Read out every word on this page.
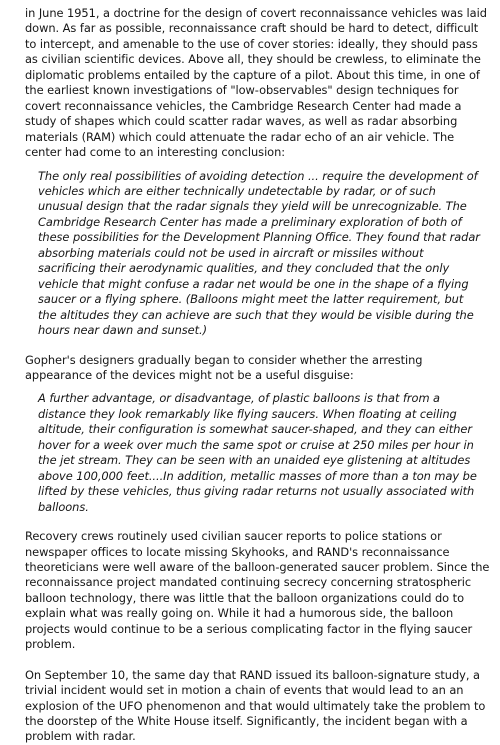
in June 1951, a doctrine for the design of covert reconnaissance vehicles was laid down. As far as possible, reconnaissance craft should be hard to detect, difficult to intercept, and amenable to the use of cover stories: ideally, they should pass as civilian scientific devices. Above all, they should be crewless, to eliminate the diplomatic problems entailed by the capture of a pilot. About this time, in one of the earliest known investigations of "low-observables" design techniques for covert reconnaissance vehicles, the Cambridge Research Center had made a study of shapes which could scatter radar waves, as well as radar absorbing materials (RAM) which could attenuate the radar echo of an air vehicle. The center had come to an interesting conclusion:

The only real possibilities of avoiding detection ... require the development of vehicles which are either technically undetectable by radar, or of such unusual design that the radar signals they yield will be unrecognizable. The Cambridge Research Center has made a preliminary exploration of both of these possibilities for the Development Planning Office. They found that radar absorbing materials could not be used in aircraft or missiles without sacrificing their aerodynamic qualities, and they concluded that the only vehicle that might confuse a radar net would be one in the shape of a flying saucer or a flying sphere. (Balloons might meet the latter requirement, but the altitudes they can achieve are such that they would be visible during the hours near dawn and sunset.)

Gopher's designers gradually began to consider whether the arresting appearance of the devices might not be a useful disguise:

A further advantage, or disadvantage, of plastic balloons is that from a distance they look remarkably like flying saucers. When floating at ceiling altitude, their configuration is somewhat saucer-shaped, and they can either hover for a week over much the same spot or cruise at 250 miles per hour in the jet stream. They can be seen with an unaided eye glistening at altitudes above 100,000 feet....In addition, metallic masses of more than a ton may be lifted by these vehicles, thus giving radar returns not usually associated with balloons.

Recovery crews routinely used civilian saucer reports to police stations or newspaper offices to locate missing Skyhooks, and RAND's reconnaissance theoreticians were well aware of the balloon-generated saucer problem. Since the reconnaissance project mandated continuing secrecy concerning stratospheric balloon technology, there was little that the balloon organizations could do to explain what was really going on. While it had a humorous side, the balloon projects would continue to be a serious complicating factor in the flying saucer problem.

On September 10, the same day that RAND issued its balloon-signature study, a trivial incident would set in motion a chain of events that would lead to an an explosion of the UFO phenomenon and that would ultimately take the problem to the doorstep of the White House itself. Significantly, the incident began with a problem with radar.
